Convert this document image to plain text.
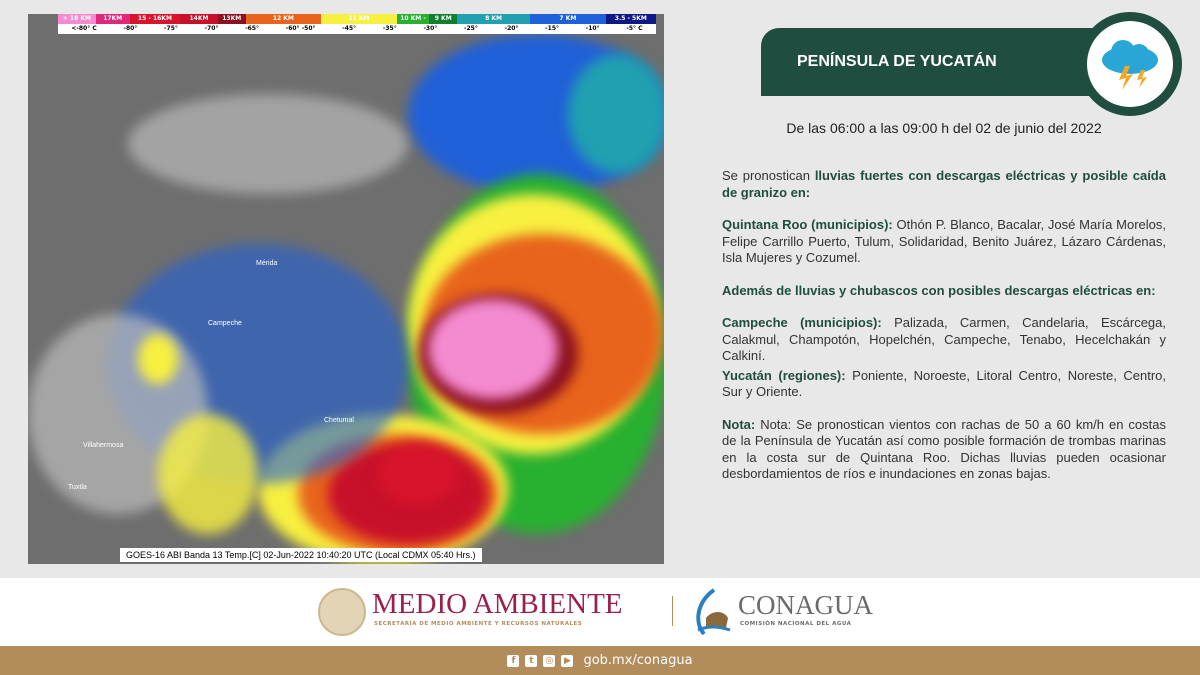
+ 18 KM	17KM	15 - 16KM	14KM	13KM	12 KM	11 KM	10 KM -	9 KM	8 KM	7 KM	3.5 - 5KM
<-80° C	-80°	-75°	-70°	-65°	-60° -50°	-45°	-35°	-30°	-25°	-20°	-15°	-10°	-5° C
Mérida
Campeche
Chetumal
Villahermosa
Tuxtla
GOES-16 ABI Banda 13 Temp.[C] 02-Jun-2022 10:40:20 UTC (Local CDMX 05:40 Hrs.)
PENÍNSULA DE YUCATÁN
De las 06:00 a las 09:00 h del 02 de junio del 2022

Se pronostican lluvias fuertes con descargas eléctricas y posible caída de granizo en:

Quintana Roo (municipios): Othón P. Blanco, Bacalar, José María Morelos, Felipe Carrillo Puerto, Tulum, Solidaridad, Benito Juárez, Lázaro Cárdenas, Isla Mujeres y Cozumel.

Además de lluvias y chubascos con posibles descargas eléctricas en:

Campeche (municipios): Palizada, Carmen, Candelaria, Escárcega, Calakmul, Champotón, Hopelchén, Campeche, Tenabo, Hecelchakán y Calkiní.

Yucatán (regiones): Poniente, Noroeste, Litoral Centro, Noreste, Centro, Sur y Oriente.

Nota: Nota: Se pronostican vientos con rachas de 50 a 60 km/h en costas de la Península de Yucatán así como posible formación de trombas marinas en la costa sur de Quintana Roo. Dichas lluvias pueden ocasionar desbordamientos de ríos e inundaciones en zonas bajas.

MEDIO AMBIENTE
SECRETARÍA DE MEDIO AMBIENTE Y RECURSOS NATURALES
CONAGUA
COMISIÓN NACIONAL DEL AGUA
f	t	◎ ▶ gob.mx/conagua
